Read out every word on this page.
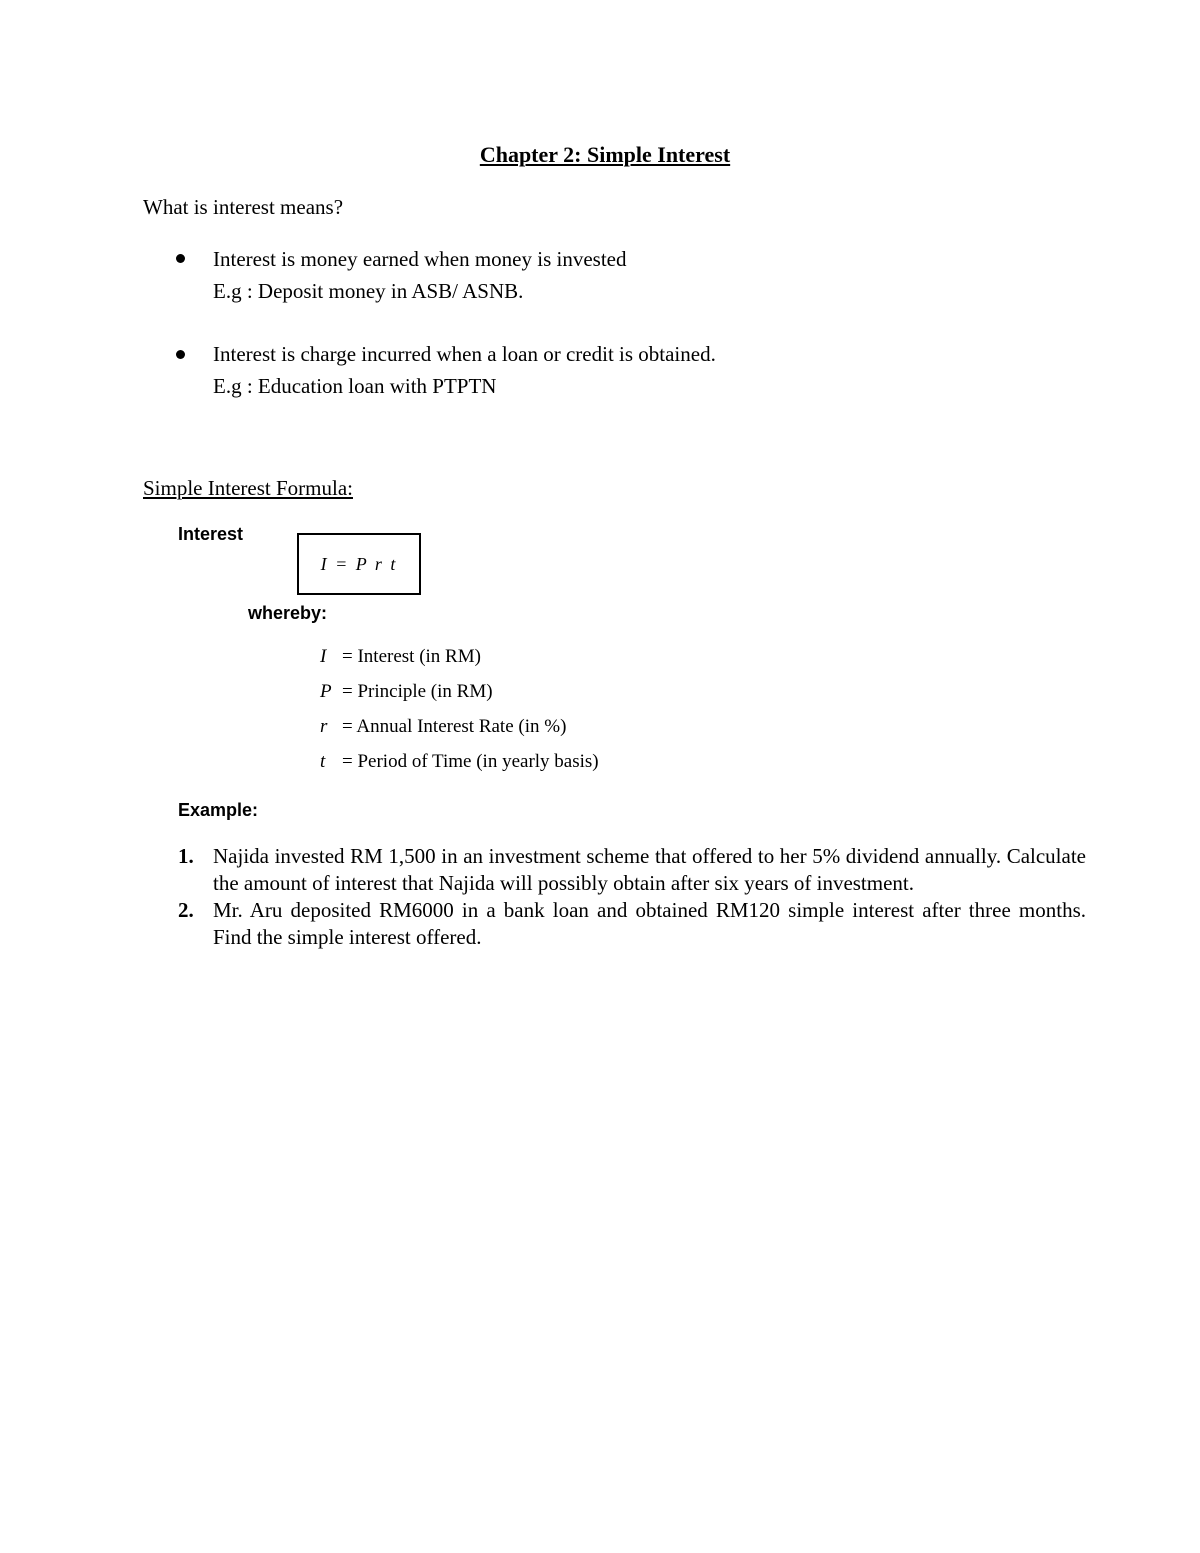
Chapter 2: Simple Interest
What is interest means?
Interest is money earned when money is invested
E.g : Deposit money in ASB/ ASNB.
Interest is charge incurred when a loan or credit is obtained.
E.g : Education loan with PTPTN
Simple Interest Formula:
Interest
I = P r t
whereby:
I = Interest (in RM)
P = Principle (in RM)
r = Annual Interest Rate (in %)
t = Period of Time (in yearly basis)
Example:
1. Najida invested RM 1,500 in an investment scheme that offered to her 5% dividend annually. Calculate the amount of interest that Najida will possibly obtain after six years of investment.
2. Mr. Aru deposited RM6000 in a bank loan and obtained RM120 simple interest after three months. Find the simple interest offered.
